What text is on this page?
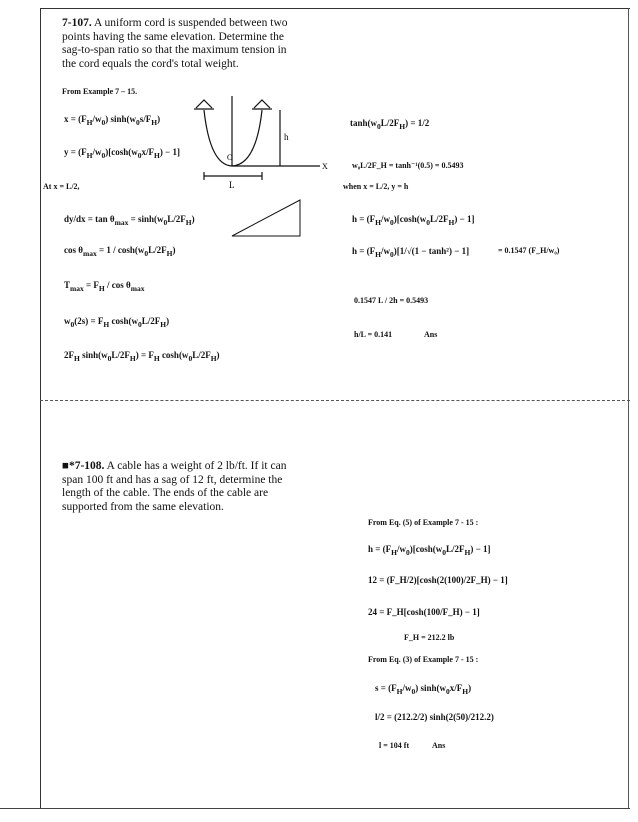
7-107. A uniform cord is suspended between two points having the same elevation. Determine the sag-to-span ratio so that the maximum tension in the cord equals the cord's total weight.
■*7-108. A cable has a weight of 2 lb/ft. If it can span 100 ft and has a sag of 12 ft, determine the length of the cable. The ends of the cable are supported from the same elevation.
From Example 7 – 15.
At x = L/2,	when x = L/2, y = h
w₀L/2F_H = tanh⁻¹(0.5) = 0.5493
= 0.1547 (F_H/w₀)
0.1547 L / 2h = 0.5493
h/L = 0.141	Ans
$x = (F_H/w_0)$ $\sinh(w_0s/F_H)$
$y = (F_H/w_0)[\cosh(w_0x/F_H) - 1]$
$dy/dx = \tan \theta_{max} = \sinh(w_0L/2F_H)$
$\cos \theta_{max} = 1 / \cosh(w_0L/2F_H)$
$T_{max} = F_H / \cos \theta_{max}$
$w_0(2s) = F_H$ $\cosh(w_0L/2F_H)$
$2F_H$ $\sinh(w_0L/2F_H) = F_H$ $\cosh(w_0L/2F_H)$
$\tanh(w_0L/2F_H) = 1/2$
$h = (F_H/w_0)[\cosh(w_0L/2F_H) - 1]$
$h = (F_H/w_0)[1/√(1 - \tanh^2) - 1]$
From Eq. (5) of Example 7 - 15 :
$h = (F_H/w_0)[\cosh(w_0L/2F_H) - 1]$
12 = (F_H/2)[cosh(2(100)/2F_H) − 1]
24 = F_H[cosh(100/F_H) − 1]
F_H = 212.2 lb
From Eq. (3) of Example 7 - 15 :
$s = (F_H/w_0)$ $\sinh(w_0x/F_H)$
l/2 = (212.2/2) sinh(2(50)/212.2)
l = 104 ft	Ans
O
X
h
L
